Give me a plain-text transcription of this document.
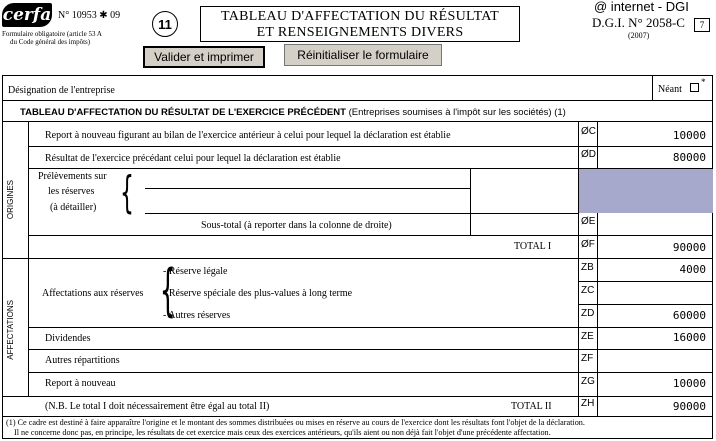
cerfa N° 10953 ✱ 09
Formulaire obligatoire (article 53 A
du Code général des impôts)
11	TABLEAU D'AFFECTATION DU RÉSULTAT
ET RENSEIGNEMENTS DIVERS
@ internet - DGI
D.G.I. N° 2058-C	7
(2007)
Valider et imprimer	Réinitialiser le formulaire
Désignation de l'entreprise	Néant
*
TABLEAU D'AFFECTATION DU RÉSULTAT DE L'EXERCICE PRÉCÉDENT (Entreprises soumises à l'impôt sur les sociétés) (1)
ORIGINES
Report à nouveau figurant au bilan de l'exercice antérieur à celui pour lequel la déclaration est établie	ØC	10000
Résultat de l'exercice précédant celui pour lequel la déclaration est établie	ØD	80000
Prélèvements sur
les réserves
(à détailler) {
Sous-total (à reporter dans la colonne de droite)	ØE
TOTAL I	ØF	90000
AFFECTATIONS
Affectations aux réserves {
- Réserve légale	ZB	4000
- Réserve spéciale des plus-values à long terme	ZC
- Autres réserves	ZD	60000
Dividendes	ZE	16000
Autres répartitions	ZF
Report à nouveau	ZG	10000
(N.B. Le total I doit nécessairement être égal au total II)	TOTAL II	ZH	90000
(1) Ce cadre est destiné à faire apparaître l'origine et le montant des sommes distribuées ou mises en réserve au cours de l'exercice dont les résultats font l'objet de la déclaration.
Il ne concerne donc pas, en principe, les résultats de cet exercice mais ceux des exercices antérieurs, qu'ils aient ou non déjà fait l'objet d'une précédente affectation.
